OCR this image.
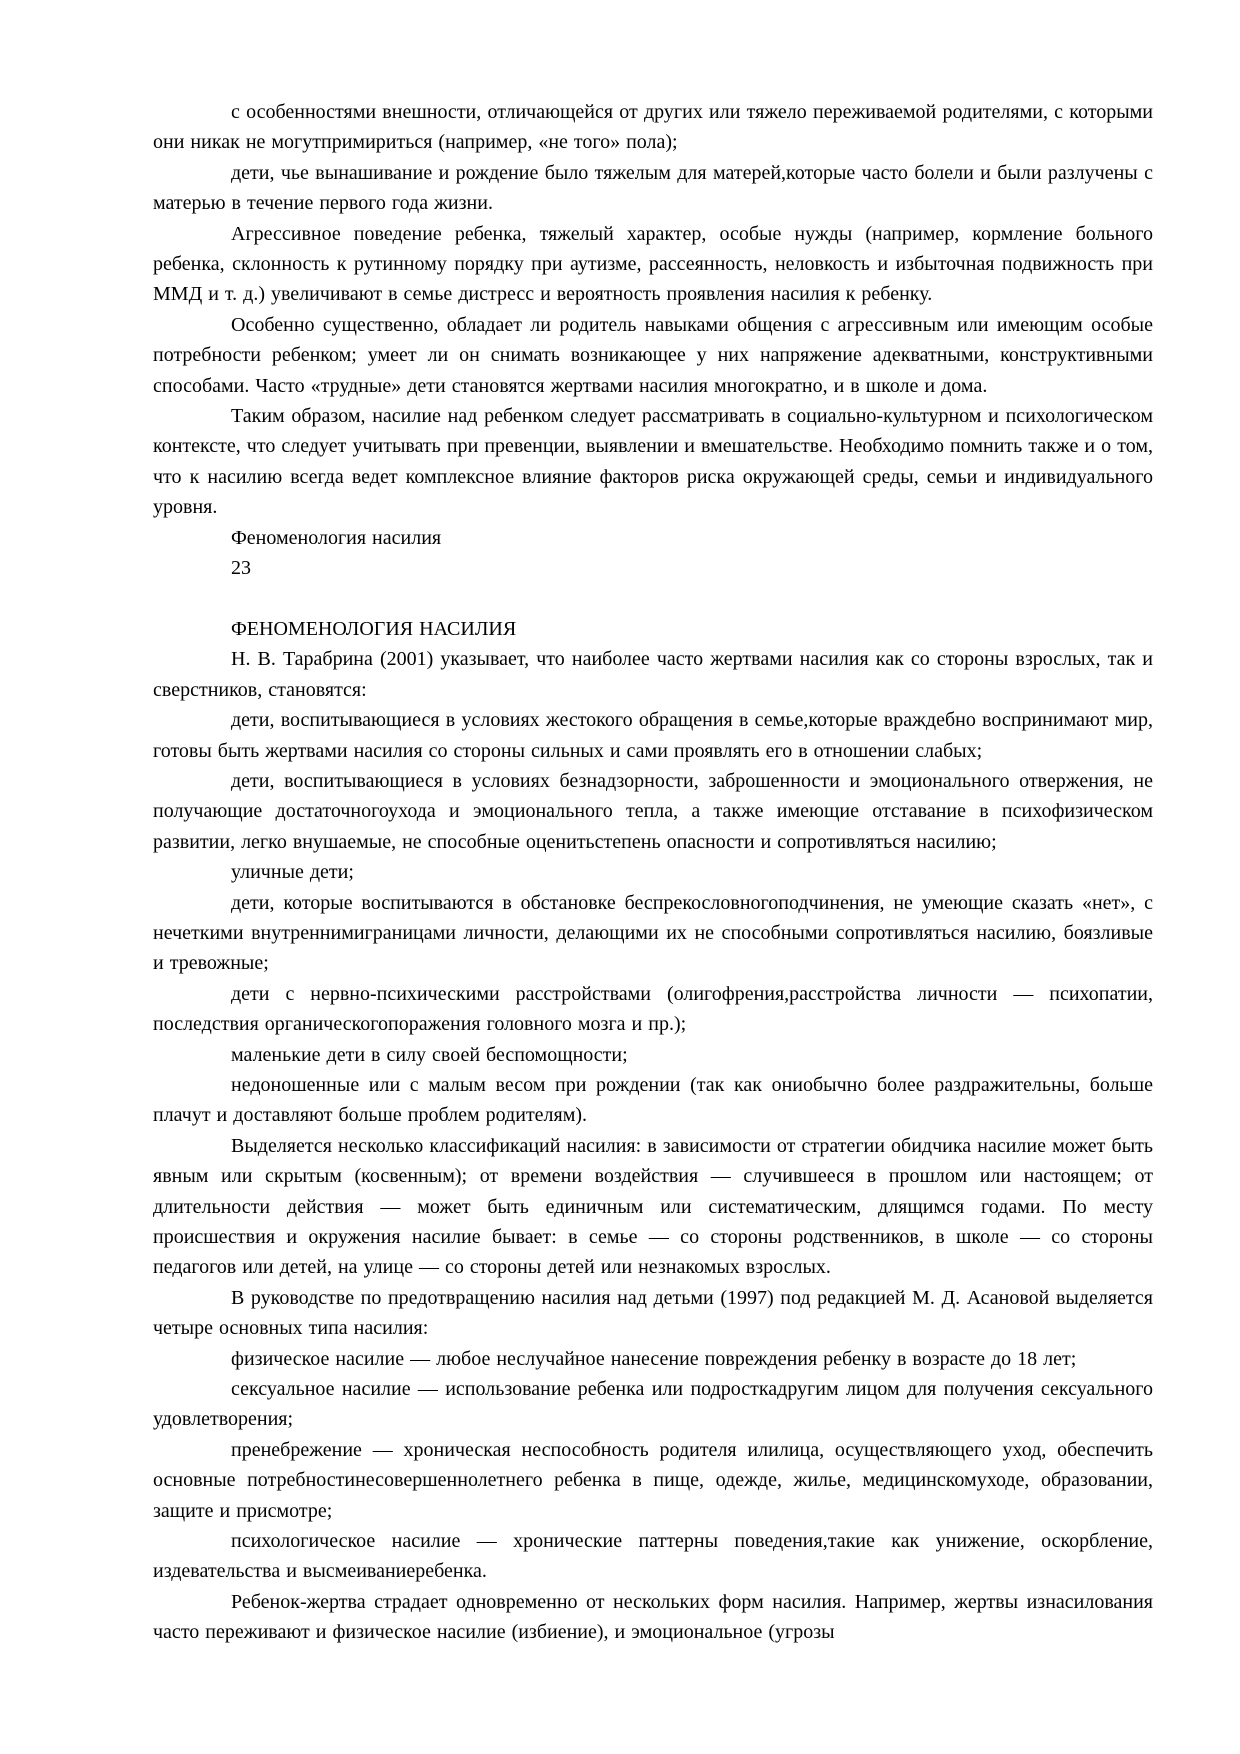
с особенностями внешности, отличающейся от других или тяжело переживаемой родителями, с которыми они никак не могутпримириться (например, «не того» пола);

дети, чье вынашивание и рождение было тяжелым для матерей,которые часто болели и были разлучены с матерью в течение первого года жизни.

Агрессивное поведение ребенка, тяжелый характер, особые нужды (например, кормление больного ребенка, склонность к рутинному порядку при аутизме, рассеянность, неловкость и избыточная подвижность при ММД и т. д.) увеличивают в семье дистресс и вероятность проявления насилия к ребенку.

Особенно существенно, обладает ли родитель навыками общения с агрессивным или имеющим особые потребности ребенком; умеет ли он снимать возникающее у них напряжение адекватными, конструктивными способами. Часто «трудные» дети становятся жертвами насилия многократно, и в школе и дома.

Таким образом, насилие над ребенком следует рассматривать в социально-культурном и психологическом контексте, что следует учитывать при превенции, выявлении и вмешательстве. Необходимо помнить также и о том, что к насилию всегда ведет комплексное влияние факторов риска окружающей среды, семьи и индивидуального уровня.

Феноменология насилия

23

ФЕНОМЕНОЛОГИЯ НАСИЛИЯ

Н. В. Тарабрина (2001) указывает, что наиболее часто жертвами насилия как со стороны взрослых, так и сверстников, становятся:

дети, воспитывающиеся в условиях жестокого обращения в семье,которые враждебно воспринимают мир, готовы быть жертвами насилия со стороны сильных и сами проявлять его в отношении слабых;

дети, воспитывающиеся в условиях безнадзорности, заброшенности и эмоционального отвержения, не получающие достаточногоухода и эмоционального тепла, а также имеющие отставание в психофизическом развитии, легко внушаемые, не способные оценитьстепень опасности и сопротивляться насилию;

уличные дети;

дети, которые воспитываются в обстановке беспрекословногоподчинения, не умеющие сказать «нет», с нечеткими внутреннимиграницами личности, делающими их не способными сопротивляться насилию, боязливые и тревожные;

дети с нервно-психическими расстройствами (олигофрения,расстройства личности — психопатии, последствия органическогопоражения головного мозга и пр.);

маленькие дети в силу своей беспомощности;

недоношенные или с малым весом при рождении (так как ониобычно более раздражительны, больше плачут и доставляют больше проблем родителям).

Выделяется несколько классификаций насилия: в зависимости от стратегии обидчика насилие может быть явным или скрытым (косвенным); от времени воздействия — случившееся в прошлом или настоящем; от длительности действия — может быть единичным или систематическим, длящимся годами. По месту происшествия и окружения насилие бывает: в семье — со стороны родственников, в школе — со стороны педагогов или детей, на улице — со стороны детей или незнакомых взрослых.

В руководстве по предотвращению насилия над детьми (1997) под редакцией М. Д. Асановой выделяется четыре основных типа насилия:

физическое насилие — любое неслучайное нанесение повреждения ребенку в возрасте до 18 лет;

сексуальное насилие — использование ребенка или подросткадругим лицом для получения сексуального удовлетворения;

пренебрежение — хроническая неспособность родителя илилица, осуществляющего уход, обеспечить основные потребностинесовершеннолетнего ребенка в пище, одежде, жилье, медицинскомуходе, образовании, защите и присмотре;

психологическое насилие — хронические паттерны поведения,такие как унижение, оскорбление, издевательства и высмеиваниеребенка.

Ребенок-жертва страдает одновременно от нескольких форм насилия. Например, жертвы изнасилования часто переживают и физическое насилие (избиение), и эмоциональное (угрозы
